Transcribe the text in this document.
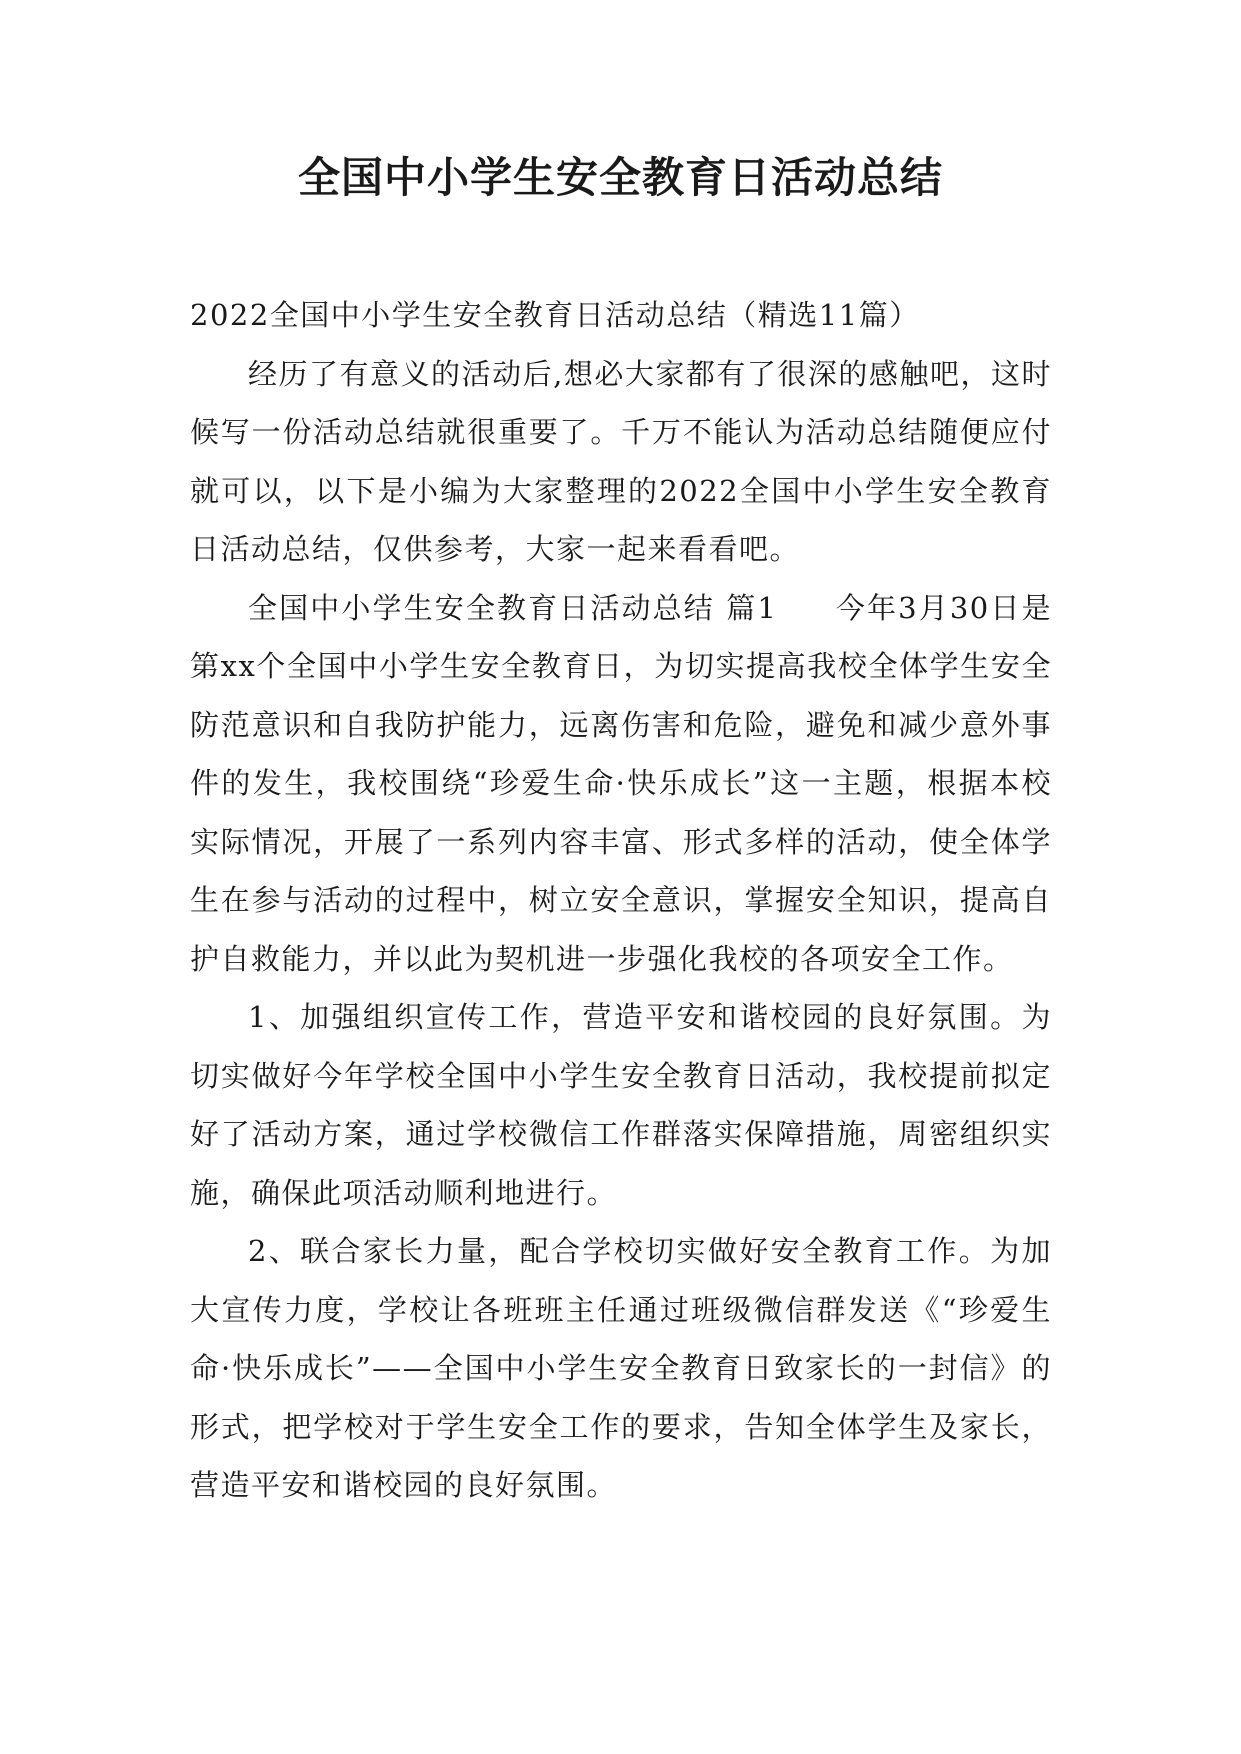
全国中小学生安全教育日活动总结

2022全国中小学生安全教育日活动总结（精选11篇）

经历了有意义的活动后,想必大家都有了很深的感触吧，这时候写一份活动总结就很重要了。千万不能认为活动总结随便应付就可以，以下是小编为大家整理的2022全国中小学生安全教育日活动总结，仅供参考，大家一起来看看吧。

全国中小学生安全教育日活动总结 篇1 今年3月30日是第xx个全国中小学生安全教育日，为切实提高我校全体学生安全防范意识和自我防护能力，远离伤害和危险，避免和减少意外事件的发生，我校围绕“珍爱生命·快乐成长”这一主题，根据本校实际情况，开展了一系列内容丰富、形式多样的活动，使全体学生在参与活动的过程中，树立安全意识，掌握安全知识，提高自护自救能力，并以此为契机进一步强化我校的各项安全工作。

1、加强组织宣传工作，营造平安和谐校园的良好氛围。为切实做好今年学校全国中小学生安全教育日活动，我校提前拟定好了活动方案，通过学校微信工作群落实保障措施，周密组织实施，确保此项活动顺利地进行。

2、联合家长力量，配合学校切实做好安全教育工作。为加大宣传力度，学校让各班班主任通过班级微信群发送《“珍爱生命·快乐成长”——全国中小学生安全教育日致家长的一封信》的形式，把学校对于学生安全工作的要求，告知全体学生及家长，营造平安和谐校园的良好氛围。
